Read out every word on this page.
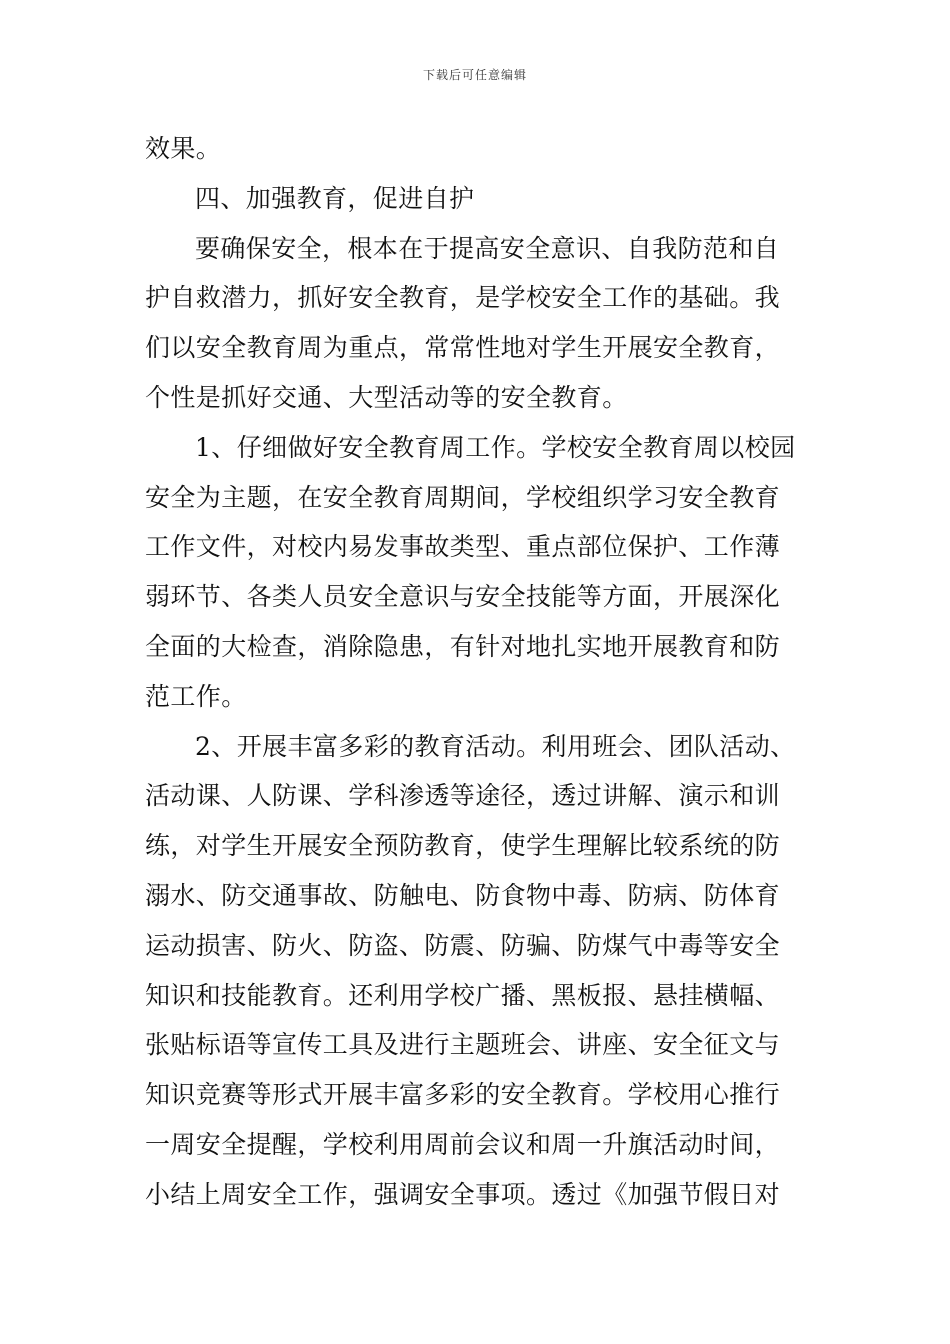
下载后可任意编辑
效果。
四、加强教育，促进自护
要确保安全，根本在于提高安全意识、自我防范和自
护自救潜力，抓好安全教育，是学校安全工作的基础。我
们以安全教育周为重点，常常性地对学生开展安全教育，
个性是抓好交通、大型活动等的安全教育。
1、仔细做好安全教育周工作。学校安全教育周以校园
安全为主题，在安全教育周期间，学校组织学习安全教育
工作文件，对校内易发事故类型、重点部位保护、工作薄
弱环节、各类人员安全意识与安全技能等方面，开展深化
全面的大检查，消除隐患，有针对地扎实地开展教育和防
范工作。
2、开展丰富多彩的教育活动。利用班会、团队活动、
活动课、人防课、学科渗透等途径，透过讲解、演示和训
练，对学生开展安全预防教育，使学生理解比较系统的防
溺水、防交通事故、防触电、防食物中毒、防病、防体育
运动损害、防火、防盗、防震、防骗、防煤气中毒等安全
知识和技能教育。还利用学校广播、黑板报、悬挂横幅、
张贴标语等宣传工具及进行主题班会、讲座、安全征文与
知识竞赛等形式开展丰富多彩的安全教育。学校用心推行
一周安全提醒，学校利用周前会议和周一升旗活动时间，
小结上周安全工作，强调安全事项。透过《加强节假日对
